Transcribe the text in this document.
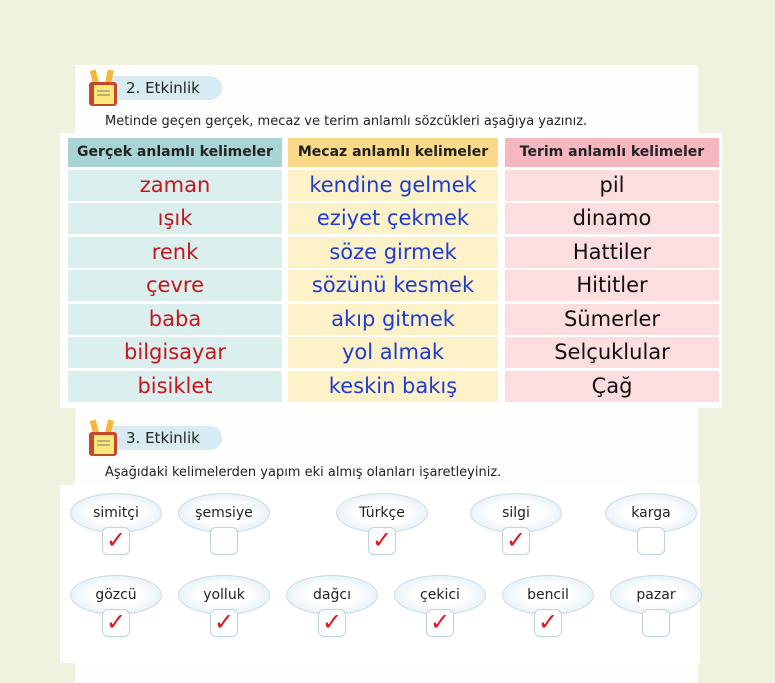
2. Etkinlik
Metinde geçen gerçek, mecaz ve terim anlamlı sözcükleri aşağıya yazınız.
Gerçek anlamlı kelimeler
zaman
ışık
renk
çevre
baba
bilgisayar
bisiklet
Mecaz anlamlı kelimeler
kendine gelmek
eziyet çekmek
söze girmek
sözünü kesmek
akıp gitmek
yol almak
keskin bakış
Terim anlamlı kelimeler
pil
dinamo
Hattiler
Hititler
Sümerler
Selçuklular
Çağ
3. Etkinlik
Aşağıdaki kelimelerden yapım eki almış olanları işaretleyiniz.
simitçi
✓
şemsiye	Türkçe
✓
silgi
✓
karga
gözcü
✓
yolluk
✓
dağcı
✓
çekici
✓
bencil
✓
pazar
